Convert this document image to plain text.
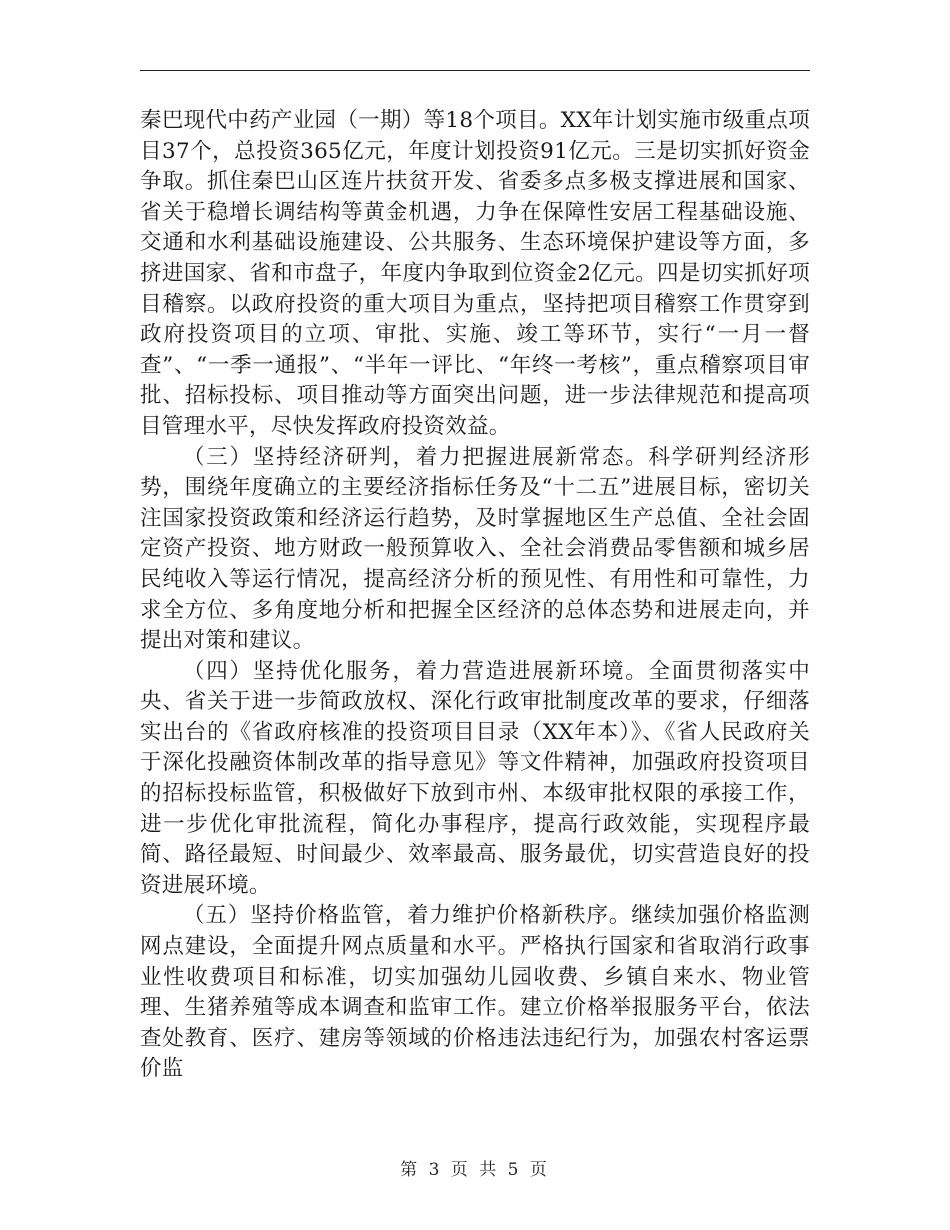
秦巴现代中药产业园（一期）等18个项目。XX年计划实施市级重点项目37个，总投资365亿元，年度计划投资91亿元。三是切实抓好资金争取。抓住秦巴山区连片扶贫开发、省委多点多极支撑进展和国家、省关于稳增长调结构等黄金机遇，力争在保障性安居工程基础设施、交通和水利基础设施建设、公共服务、生态环境保护建设等方面，多挤进国家、省和市盘子，年度内争取到位资金2亿元。四是切实抓好项目稽察。以政府投资的重大项目为重点，坚持把项目稽察工作贯穿到政府投资项目的立项、审批、实施、竣工等环节，实行“一月一督查”、“一季一通报”、“半年一评比、“年终一考核”，重点稽察项目审批、招标投标、项目推动等方面突出问题，进一步法律规范和提高项目管理水平，尽快发挥政府投资效益。

（三）坚持经济研判，着力把握进展新常态。科学研判经济形势，围绕年度确立的主要经济指标任务及“十二五”进展目标，密切关注国家投资政策和经济运行趋势，及时掌握地区生产总值、全社会固定资产投资、地方财政一般预算收入、全社会消费品零售额和城乡居民纯收入等运行情况，提高经济分析的预见性、有用性和可靠性，力求全方位、多角度地分析和把握全区经济的总体态势和进展走向，并提出对策和建议。

（四）坚持优化服务，着力营造进展新环境。全面贯彻落实中央、省关于进一步简政放权、深化行政审批制度改革的要求，仔细落实出台的《省政府核准的投资项目目录（XX年本）》、《省人民政府关于深化投融资体制改革的指导意见》等文件精神，加强政府投资项目的招标投标监管，积极做好下放到市州、本级审批权限的承接工作，进一步优化审批流程，简化办事程序，提高行政效能，实现程序最简、路径最短、时间最少、效率最高、服务最优，切实营造良好的投资进展环境。

（五）坚持价格监管，着力维护价格新秩序。继续加强价格监测网点建设，全面提升网点质量和水平。严格执行国家和省取消行政事业性收费项目和标准，切实加强幼儿园收费、乡镇自来水、物业管理、生猪养殖等成本调查和监审工作。建立价格举报服务平台，依法查处教育、医疗、建房等领域的价格违法违纪行为，加强农村客运票价监

第 3 页 共 5 页
